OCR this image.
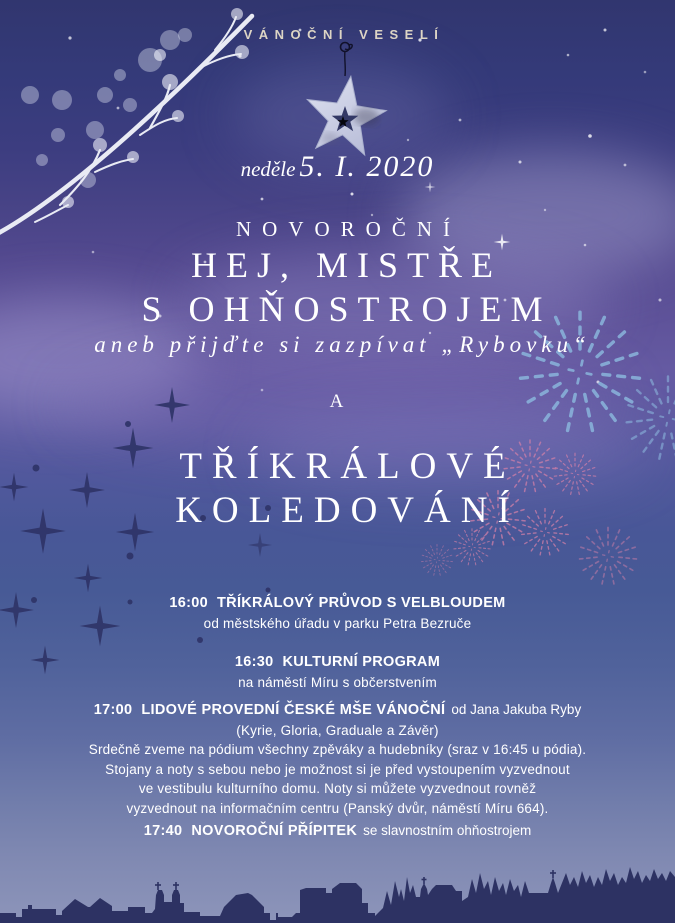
VÁNOČNÍ VESELÍ
neděle 5. I. 2020
NOVOROČNÍ
HEJ, MISTŘE
S OHŇOSTROJEM
aneb přijďte si zazpívat „Rybovku“
A
TŘÍKRÁLOVÉ
KOLEDOVÁNÍ
16:00 TŘÍKRÁLOVÝ PRŮVOD S VELBLOUDEM
od městského úřadu v parku Petra Bezruče
16:30 KULTURNÍ PROGRAM
na náměstí Míru s občerstvením
17:00 LIDOVÉ PROVEDNÍ ČESKÉ MŠE VÁNOČNÍ od Jana Jakuba Ryby
(Kyrie, Gloria, Graduale a Závěr)
Srdečně zveme na pódium všechny zpěváky a hudebníky (sraz v 16:45 u pódia).
Stojany a noty s sebou nebo je možnost si je před vystoupením vyzvednout
ve vestibulu kulturního domu. Noty si můžete vyzvednout rovněž
vyzvednout na informačním centru (Panský dvůr, náměstí Míru 664).
17:40 NOVOROČNÍ PŘÍPITEK se slavnostním ohňostrojem
